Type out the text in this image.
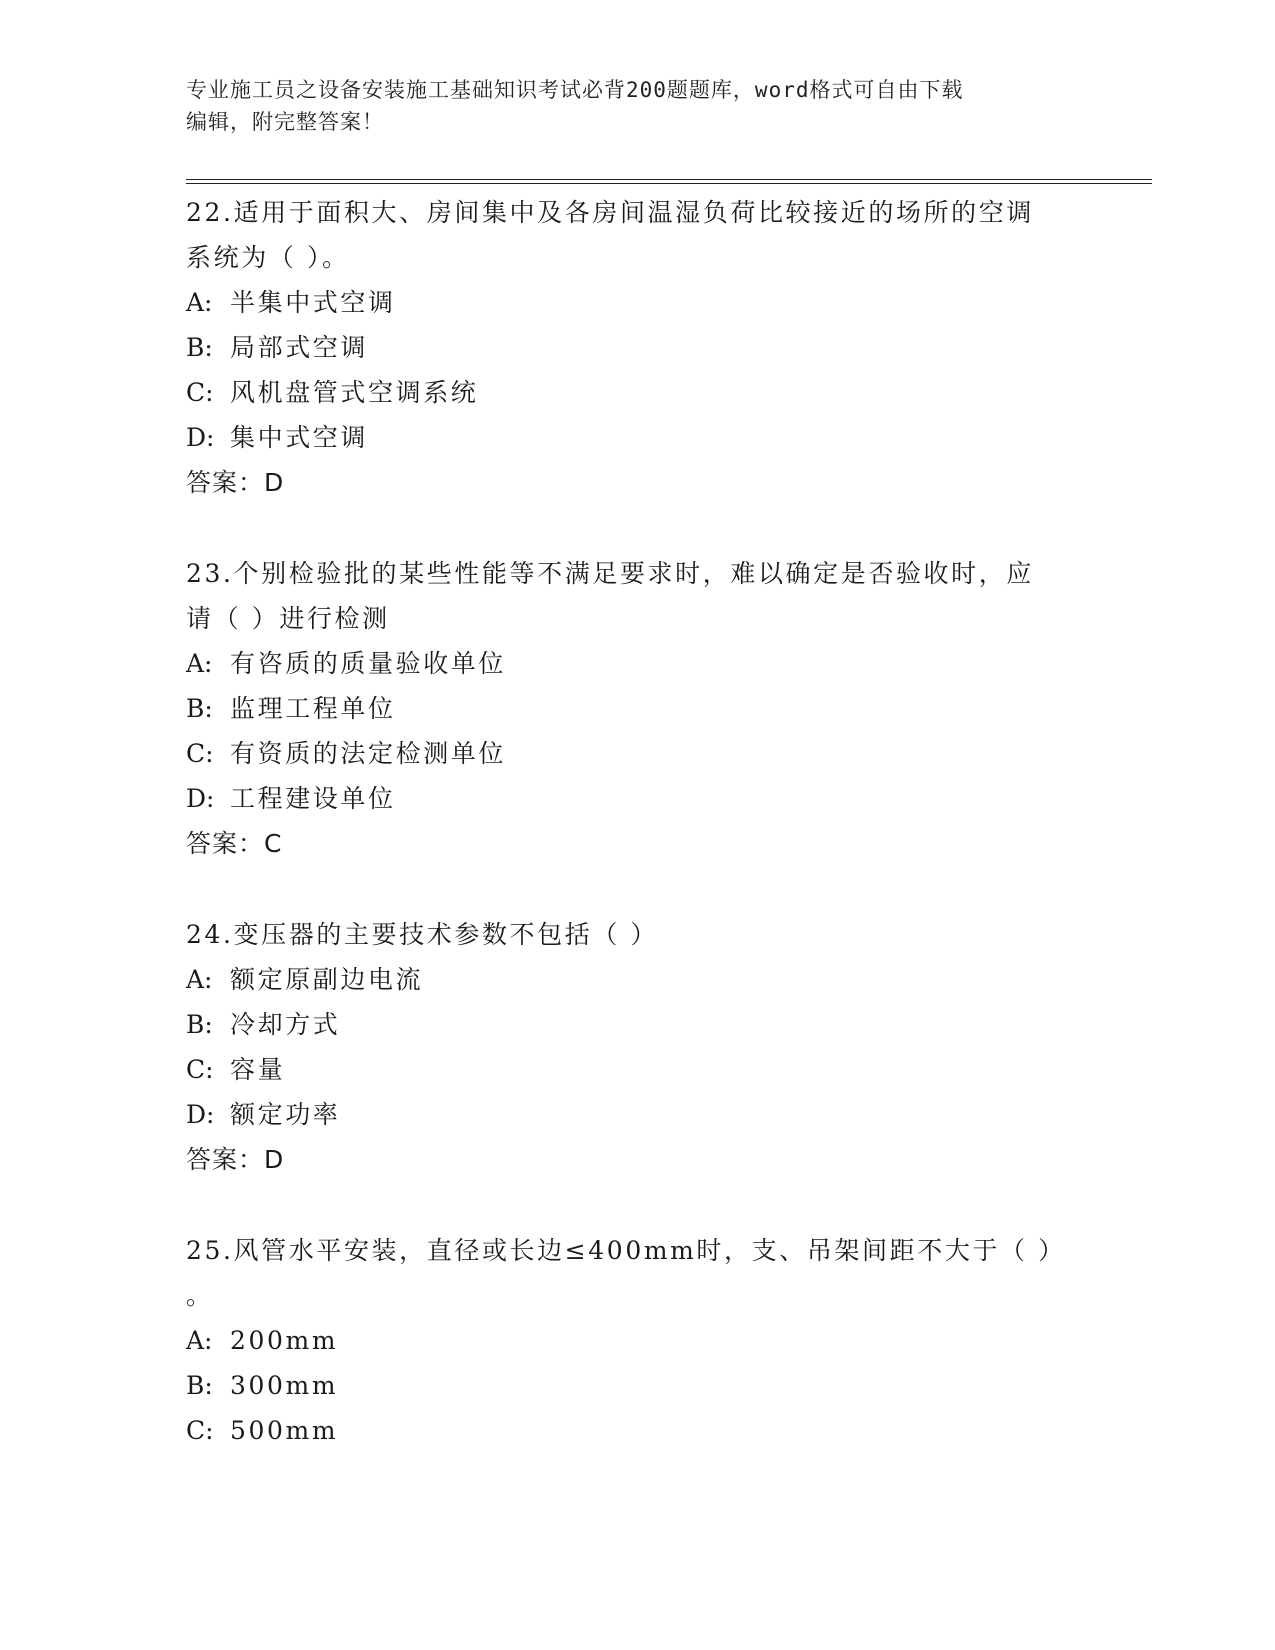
专业施工员之设备安装施工基础知识考试必背200题题库，word格式可自由下载
编辑，附完整答案！

22.适用于面积大、房间集中及各房间温湿负荷比较接近的场所的空调

系统为（ ）。

A: 半集中式空调

B: 局部式空调

C: 风机盘管式空调系统

D: 集中式空调

答案：D

23.个别检验批的某些性能等不满足要求时，难以确定是否验收时，应

请（ ）进行检测

A: 有咨质的质量验收单位

B: 监理工程单位

C: 有资质的法定检测单位

D: 工程建设单位

答案：C

24.变压器的主要技术参数不包括（ ）

A: 额定原副边电流

B: 冷却方式

C: 容量

D: 额定功率

答案：D

25.风管水平安装，直径或长边≤400mm时，支、吊架间距不大于（ ）

。

A: 200mm

B: 300mm

C: 500mm
